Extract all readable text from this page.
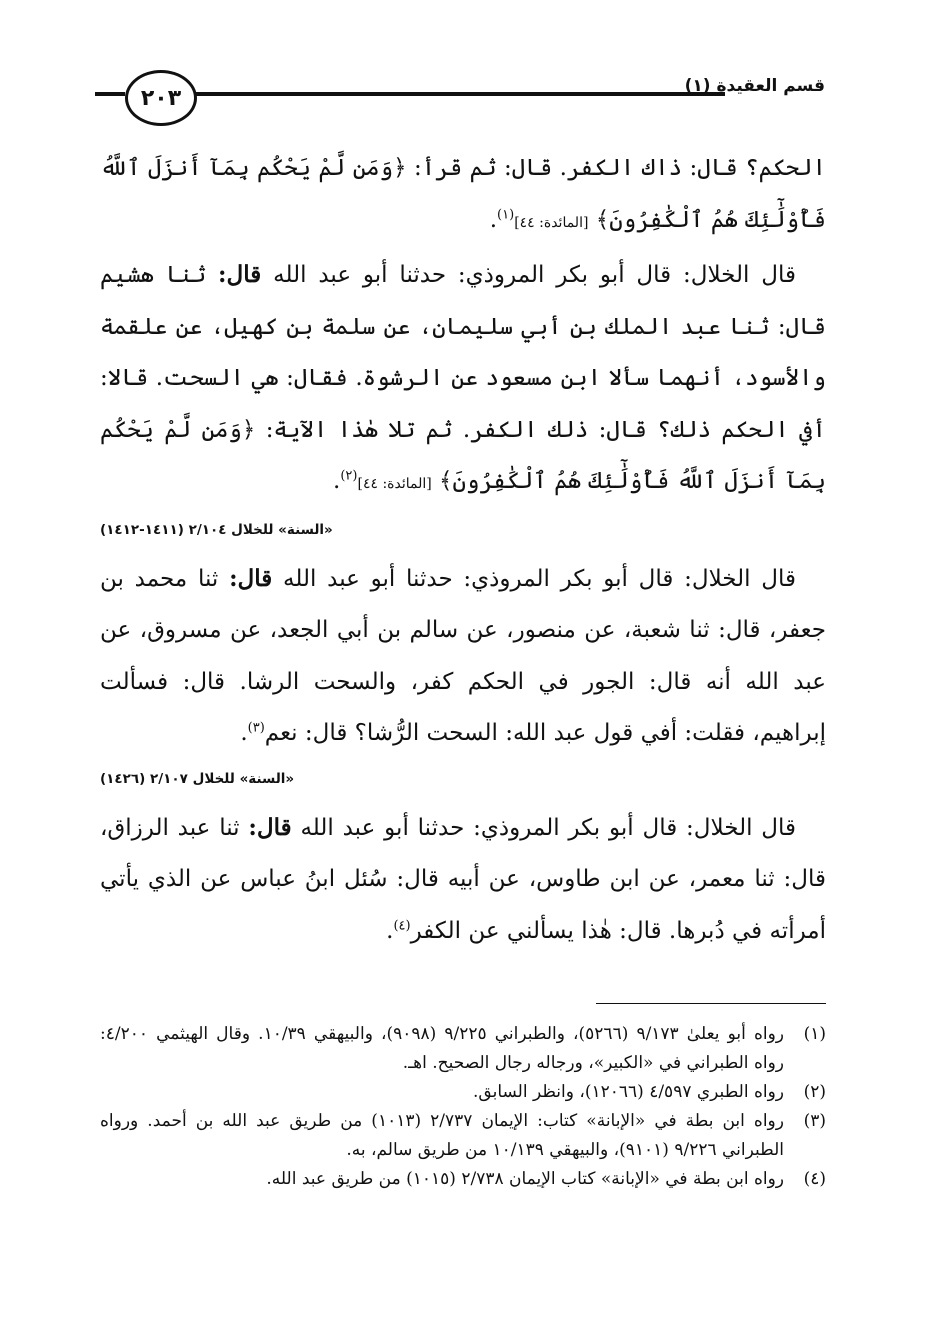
٢٠٣	قسم العقيدة (١)

الحكم؟ قال: ذاك الكفر. قال: ثم قرأ: ﴿وَمَن لَّمْ يَحْكُم بِمَآ أَنزَلَ ٱللَّهُ فَأُوْلَٰٓئِكَ هُمُ ٱلْكَٰفِرُونَ﴾ [المائدة: ٤٤]$^{(١)}$.

قال الخلال: قال أبو بكر المروذي: حدثنا أبو عبد الله قال: ثنا هشيم قال: ثنا عبد الملك بن أبي سليمان، عن سلمة بن كهيل، عن علقمة والأسود، أنهما سألا ابن مسعود عن الرشوة. فقال: هي السحت. قالا: أفي الحكم ذلك؟ قال: ذلك الكفر. ثم تلا هٰذا الآية: ﴿وَمَن لَّمْ يَحْكُم بِمَآ أَنزَلَ ٱللَّهُ فَأُوْلَٰٓئِكَ هُمُ ٱلْكَٰفِرُونَ﴾ [المائدة: ٤٤]$^{(٢)}$.

«السنة» للخلال ٢/١٠٤ (١٤١١-١٤١٢)

قال الخلال: قال أبو بكر المروذي: حدثنا أبو عبد الله قال: ثنا محمد بن جعفر، قال: ثنا شعبة، عن منصور، عن سالم بن أبي الجعد، عن مسروق، عن عبد الله أنه قال: الجور في الحكم كفر، والسحت الرشا. قال: فسألت إبراهيم، فقلت: أفي قول عبد الله: السحت الرُّشا؟ قال: نعم$^{(٣)}$.

«السنة» للخلال ٢/١٠٧ (١٤٢٦)

قال الخلال: قال أبو بكر المروذي: حدثنا أبو عبد الله قال: ثنا عبد الرزاق، قال: ثنا معمر، عن ابن طاوس، عن أبيه قال: سُئل ابنُ عباس عن الذي يأتي أمرأته في دُبرها. قال: هٰذا يسألني عن الكفر$^{(٤)}$.

(١)
رواه أبو يعلىٰ ٩/١٧٣ (٥٢٦٦)، والطبراني ٩/٢٢٥ (٩٠٩٨)، والبيهقي ١٠/٣٩. وقال الهيثمي ٤/٢٠٠: رواه الطبراني في «الكبير»، ورجاله رجال الصحيح. اهـ.
(٢)
رواه الطبري ٤/٥٩٧ (١٢٠٦٦)، وانظر السابق.
(٣)
رواه ابن بطة في «الإبانة» كتاب: الإيمان ٢/٧٣٧ (١٠١٣) من طريق عبد الله بن أحمد. ورواه الطبراني ٩/٢٢٦ (٩١٠١)، والبيهقي ١٠/١٣٩ من طريق سالم، به.
(٤)
رواه ابن بطة في «الإبانة» كتاب الإيمان ٢/٧٣٨ (١٠١٥) من طريق عبد الله.
